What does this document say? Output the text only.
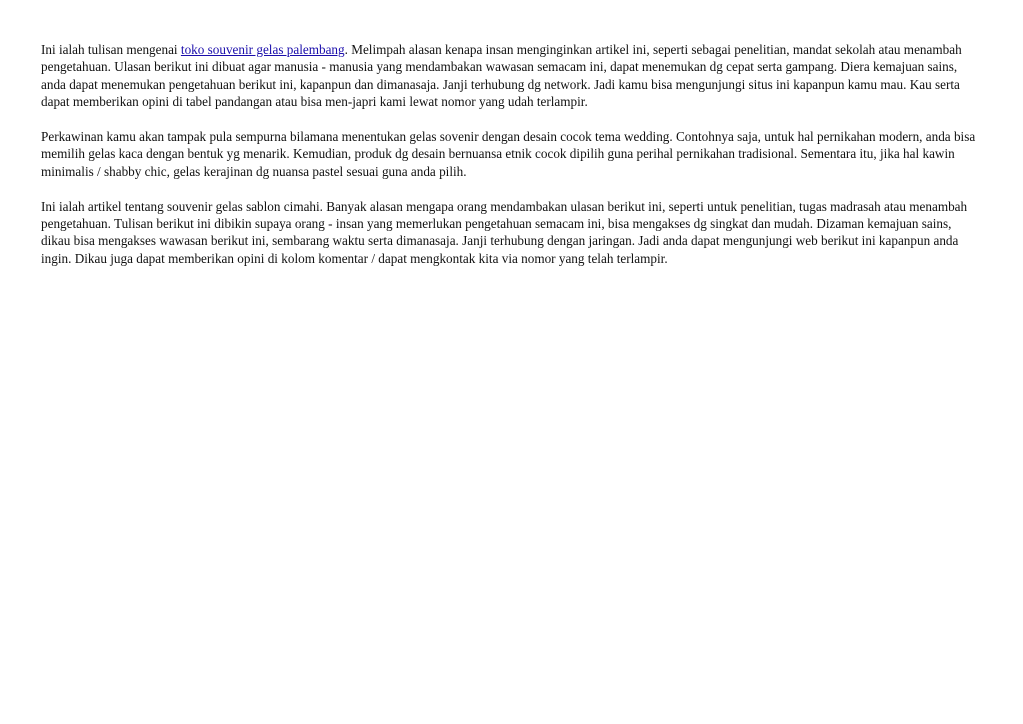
Ini ialah tulisan mengenai toko souvenir gelas palembang. Melimpah alasan kenapa insan menginginkan artikel ini, seperti sebagai penelitian, mandat sekolah atau menambah pengetahuan. Ulasan berikut ini dibuat agar manusia - manusia yang mendambakan wawasan semacam ini, dapat menemukan dg cepat serta gampang. Diera kemajuan sains, anda dapat menemukan pengetahuan berikut ini, kapanpun dan dimanasaja. Janji terhubung dg network. Jadi kamu bisa mengunjungi situs ini kapanpun kamu mau. Kau serta dapat memberikan opini di tabel pandangan atau bisa men-japri kami lewat nomor yang udah terlampir.

Perkawinan kamu akan tampak pula sempurna bilamana menentukan gelas sovenir dengan desain cocok tema wedding. Contohnya saja, untuk hal pernikahan modern, anda bisa memilih gelas kaca dengan bentuk yg menarik. Kemudian, produk dg desain bernuansa etnik cocok dipilih guna perihal pernikahan tradisional. Sementara itu, jika hal kawin minimalis / shabby chic, gelas kerajinan dg nuansa pastel sesuai guna anda pilih.

Ini ialah artikel tentang souvenir gelas sablon cimahi. Banyak alasan mengapa orang mendambakan ulasan berikut ini, seperti untuk penelitian, tugas madrasah atau menambah pengetahuan. Tulisan berikut ini dibikin supaya orang - insan yang memerlukan pengetahuan semacam ini, bisa mengakses dg singkat dan mudah. Dizaman kemajuan sains, dikau bisa mengakses wawasan berikut ini, sembarang waktu serta dimanasaja. Janji terhubung dengan jaringan. Jadi anda dapat mengunjungi web berikut ini kapanpun anda ingin. Dikau juga dapat memberikan opini di kolom komentar / dapat mengkontak kita via nomor yang telah terlampir.
